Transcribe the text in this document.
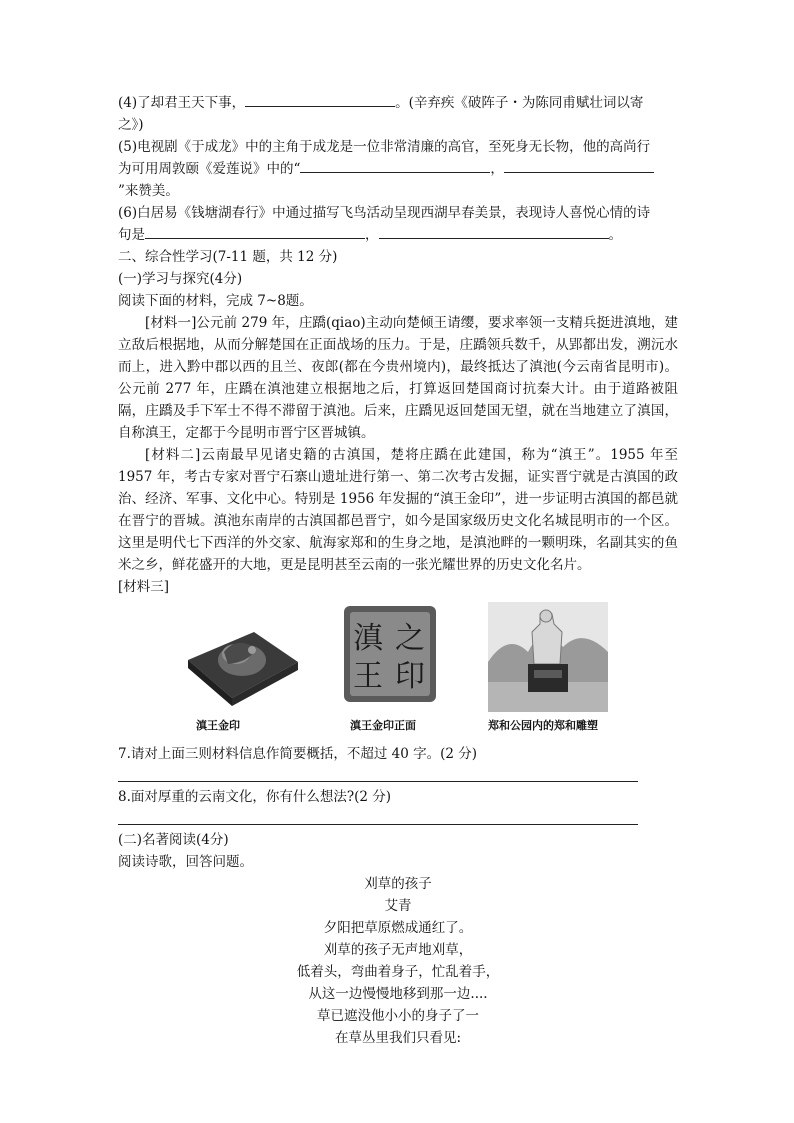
(4)了却君王天下事，	。(辛弃疾《破阵子・为陈同甫赋壮词以寄
之》)
(5)电视剧《于成龙》中的主角于成龙是一位非常清廉的高官，至死身无长物，他的高尚行
为可用周敦颐《爱莲说》中的“	，
”来赞美。
(6)白居易《钱塘湖春行》中通过描写飞鸟活动呈现西湖早春美景，表现诗人喜悦心情的诗
句是	，	。
二、综合性学习(7-11 题，共 12 分)
(一)学习与探究(4分)
阅读下面的材料，完成 7~8题。
[材料一]公元前 279 年，庄蹻(qiao)主动向楚倾王请缨，要求率领一支精兵挺进滇地，建立敌后根据地，从而分解楚国在正面战场的压力。于是，庄蹻领兵数千，从郢都出发，溯沅水而上，进入黔中郡以西的且兰、夜郎(都在今贵州境内)，最终抵达了滇池(今云南省昆明市)。公元前 277 年，庄蹻在滇池建立根据地之后，打算返回楚国商讨抗秦大计。由于道路被阻隔，庄蹻及手下军士不得不滞留于滇池。后来，庄蹻见返回楚国无望，就在当地建立了滇国，自称滇王，定都于今昆明市晋宁区晋城镇。
[材料二]云南最早见诸史籍的古滇国，楚将庄蹻在此建国，称为“滇王”。1955 年至 1957 年，考古专家对晋宁石寨山遗址进行第一、第二次考古发掘，证实晋宁就是古滇国的政治、经济、军事、文化中心。特别是 1956 年发掘的“滇王金印”，进一步证明古滇国的都邑就在晋宁的晋城。滇池东南岸的古滇国都邑晋宁，如今是国家级历史文化名城昆明市的一个区。这里是明代七下西洋的外交家、航海家郑和的生身之地，是滇池畔的一颗明珠，名副其实的鱼米之乡，鲜花盛开的大地，更是昆明甚至云南的一张光耀世界的历史文化名片。
[材料三]
滇
王
之
印
滇王金印	滇王金印正面	郑和公园内的郑和雕塑
7.请对上面三则材料信息作简要概括，不超过 40 字。(2 分)
8.面对厚重的云南文化，你有什么想法?(2 分)
(二)名著阅读(4分)
阅读诗歌，回答问题。
刈草的孩子
艾青
夕阳把草原燃成通红了。
刈草的孩子无声地刈草，
低着头，弯曲着身子，忙乱着手，
从这一边慢慢地移到那一边....
草已遮没他小小的身子了一
在草丛里我们只看见:
